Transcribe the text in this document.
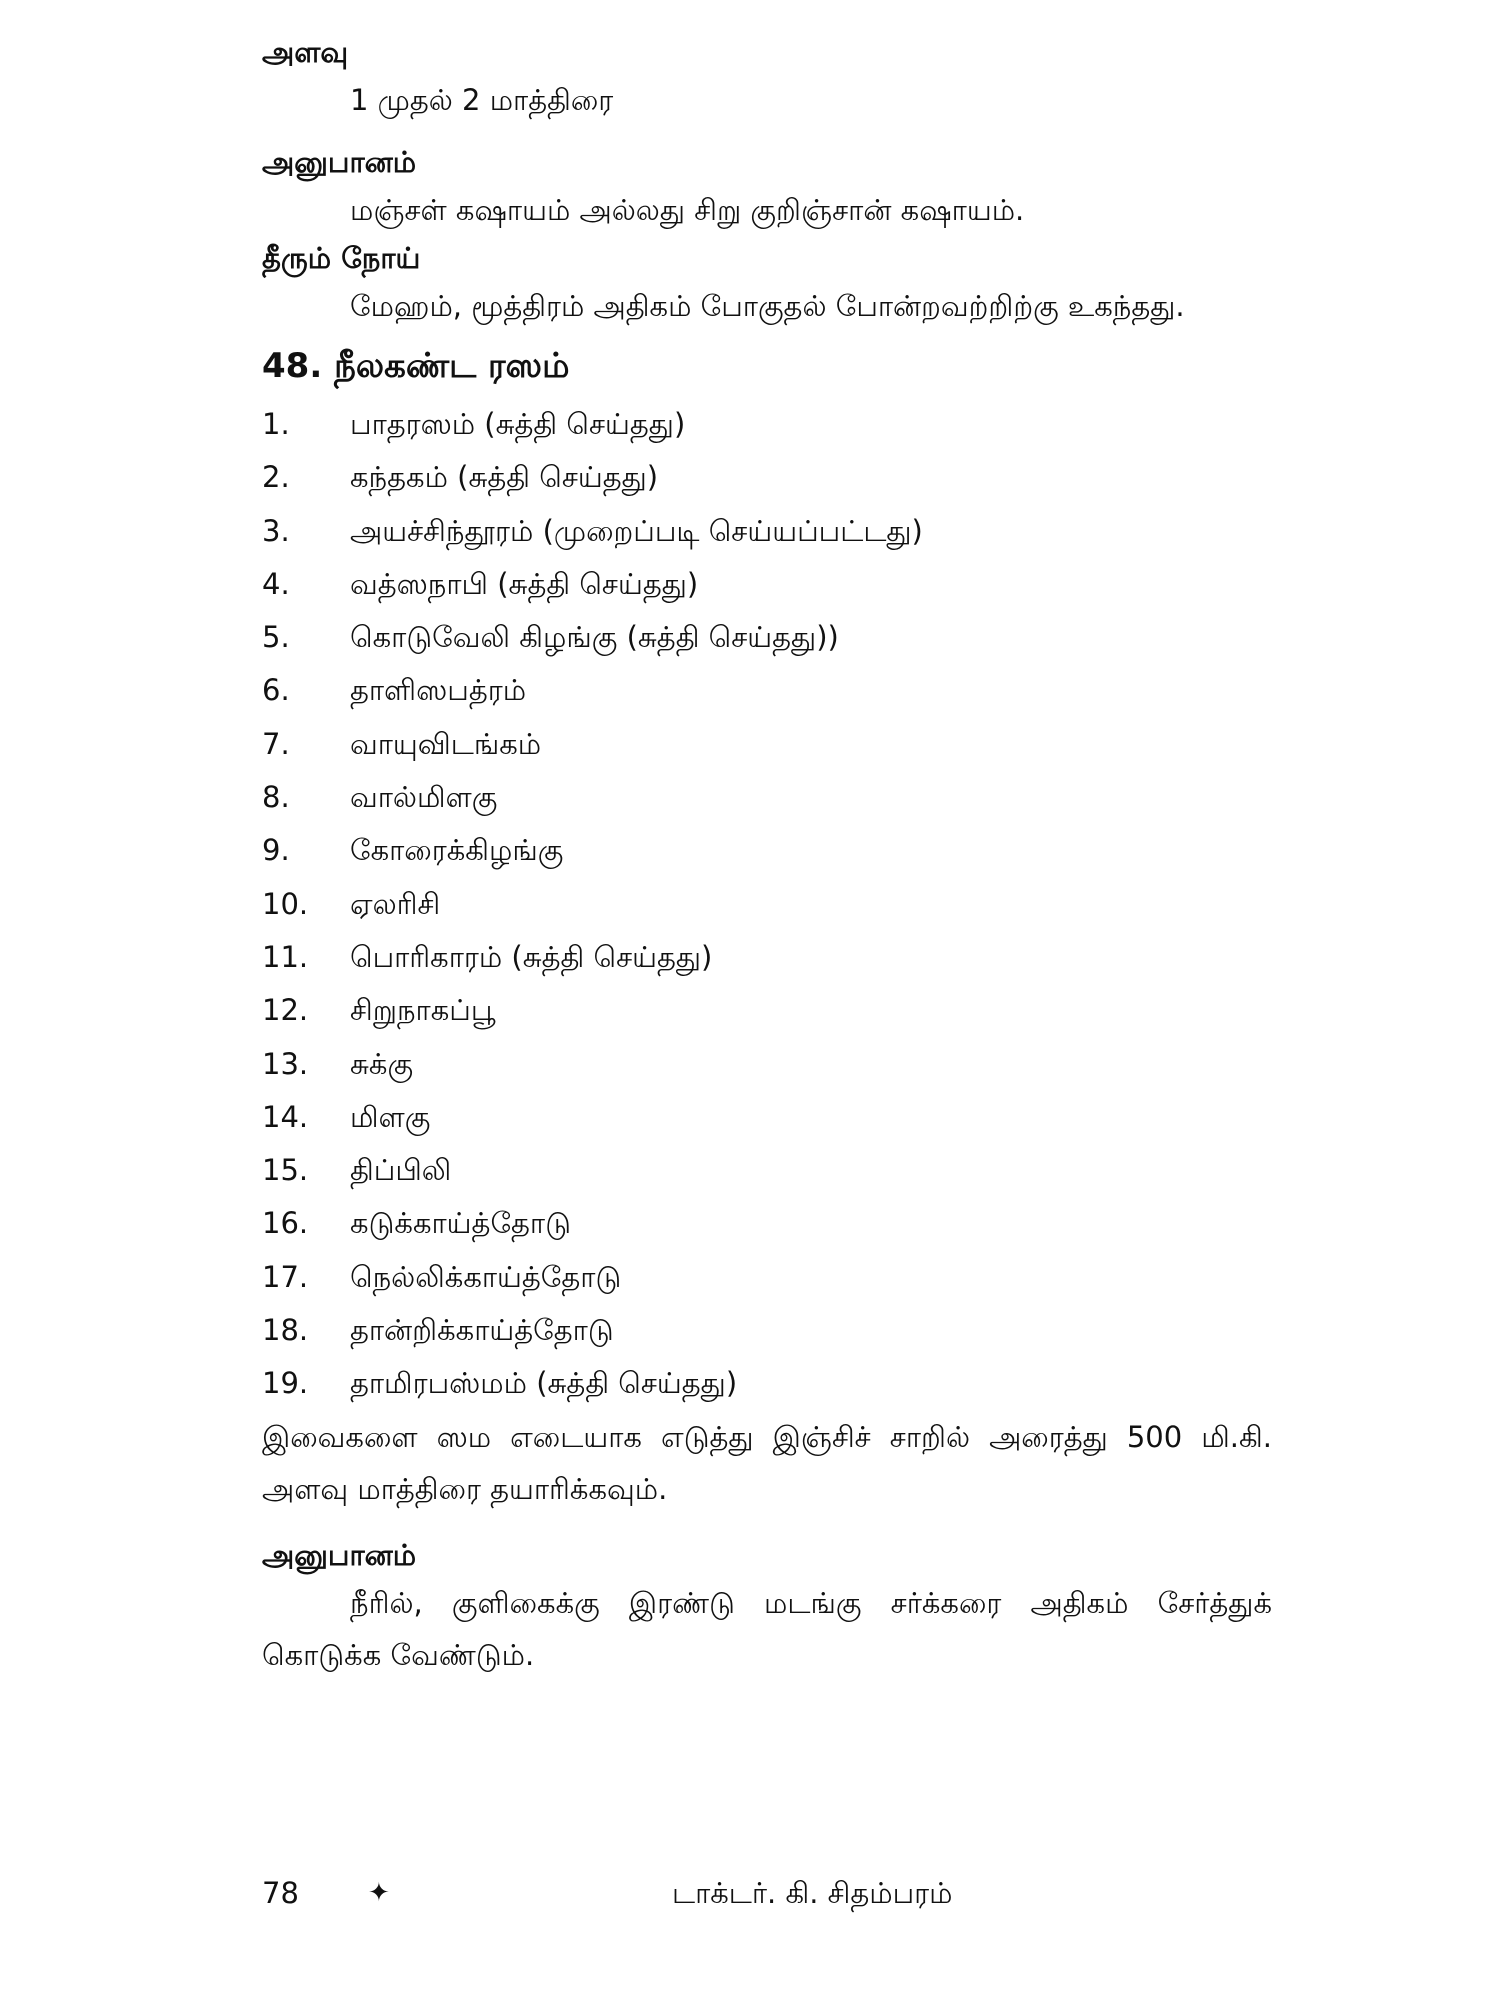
அளவு

1 முதல் 2 மாத்திரை

அனுபானம்

மஞ்சள் கஷாயம் அல்லது சிறு குறிஞ்சான் கஷாயம்.

தீரும் நோய்

மேஹம், மூத்திரம் அதிகம் போகுதல் போன்றவற்றிற்கு உகந்தது.

48. நீலகண்ட ரஸம்
1.	பாதரஸம் (சுத்தி செய்தது)
2.	கந்தகம் (சுத்தி செய்தது)
3.	அயச்சிந்தூரம் (முறைப்படி செய்யப்பட்டது)
4.	வத்ஸநாபி (சுத்தி செய்தது)
5.	கொடுவேலி கிழங்கு (சுத்தி செய்தது))
6.	தாளிஸபத்ரம்
7.	வாயுவிடங்கம்
8.	வால்மிளகு
9.	கோரைக்கிழங்கு
10.	ஏலரிசி
11.	பொரிகாரம் (சுத்தி செய்தது)
12.	சிறுநாகப்பூ
13.	சுக்கு
14.	மிளகு
15.	திப்பிலி
16.	கடுக்காய்த்தோடு
17.	நெல்லிக்காய்த்தோடு
18.	தான்றிக்காய்த்தோடு
19.	தாமிரபஸ்மம் (சுத்தி செய்தது)

இவைகளை ஸம எடையாக எடுத்து இஞ்சிச் சாறில் அரைத்து 500 மி.கி. அளவு மாத்திரை தயாரிக்கவும்.

அனுபானம்

நீரில், குளிகைக்கு இரண்டு மடங்கு சர்க்கரை அதிகம் சேர்த்துக் கொடுக்க வேண்டும்.

78	✦	டாக்டர். கி. சிதம்பரம்
